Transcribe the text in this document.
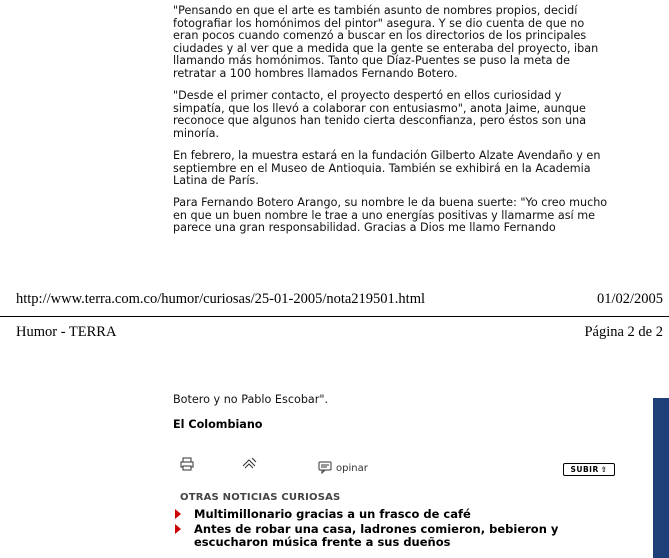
"Pensando en que el arte es también asunto de nombres propios, decidí fotografiar los homónimos del pintor" asegura. Y se dio cuenta de que no eran pocos cuando comenzó a buscar en los directorios de los principales ciudades y al ver que a medida que la gente se enteraba del proyecto, iban llamando más homónimos. Tanto que Díaz-Puentes se puso la meta de retratar a 100 hombres llamados Fernando Botero.

"Desde el primer contacto, el proyecto despertó en ellos curiosidad y simpatía, que los llevó a colaborar con entusiasmo", anota Jaime, aunque reconoce que algunos han tenido cierta desconfianza, pero éstos son una minoría.

En febrero, la muestra estará en la fundación Gilberto Alzate Avendaño y en septiembre en el Museo de Antioquia. También se exhibirá en la Academia Latina de París.

Para Fernando Botero Arango, su nombre le da buena suerte: "Yo creo mucho en que un buen nombre le trae a uno energías positivas y llamarme así me parece una gran responsabilidad. Gracias a Dios me llamo Fernando

http://www.terra.com.co/humor/curiosas/25-01-2005/nota219501.html	01/02/2005
Humor - TERRA	Página 2 de 2

Botero y no Pablo Escobar".

El Colombiano
opinar	SUBIR ⇧
OTRAS NOTICIAS CURIOSAS
Multimillonario gracias a un frasco de café
Antes de robar una casa, ladrones comieron, bebieron y escucharon música frente a sus dueños
